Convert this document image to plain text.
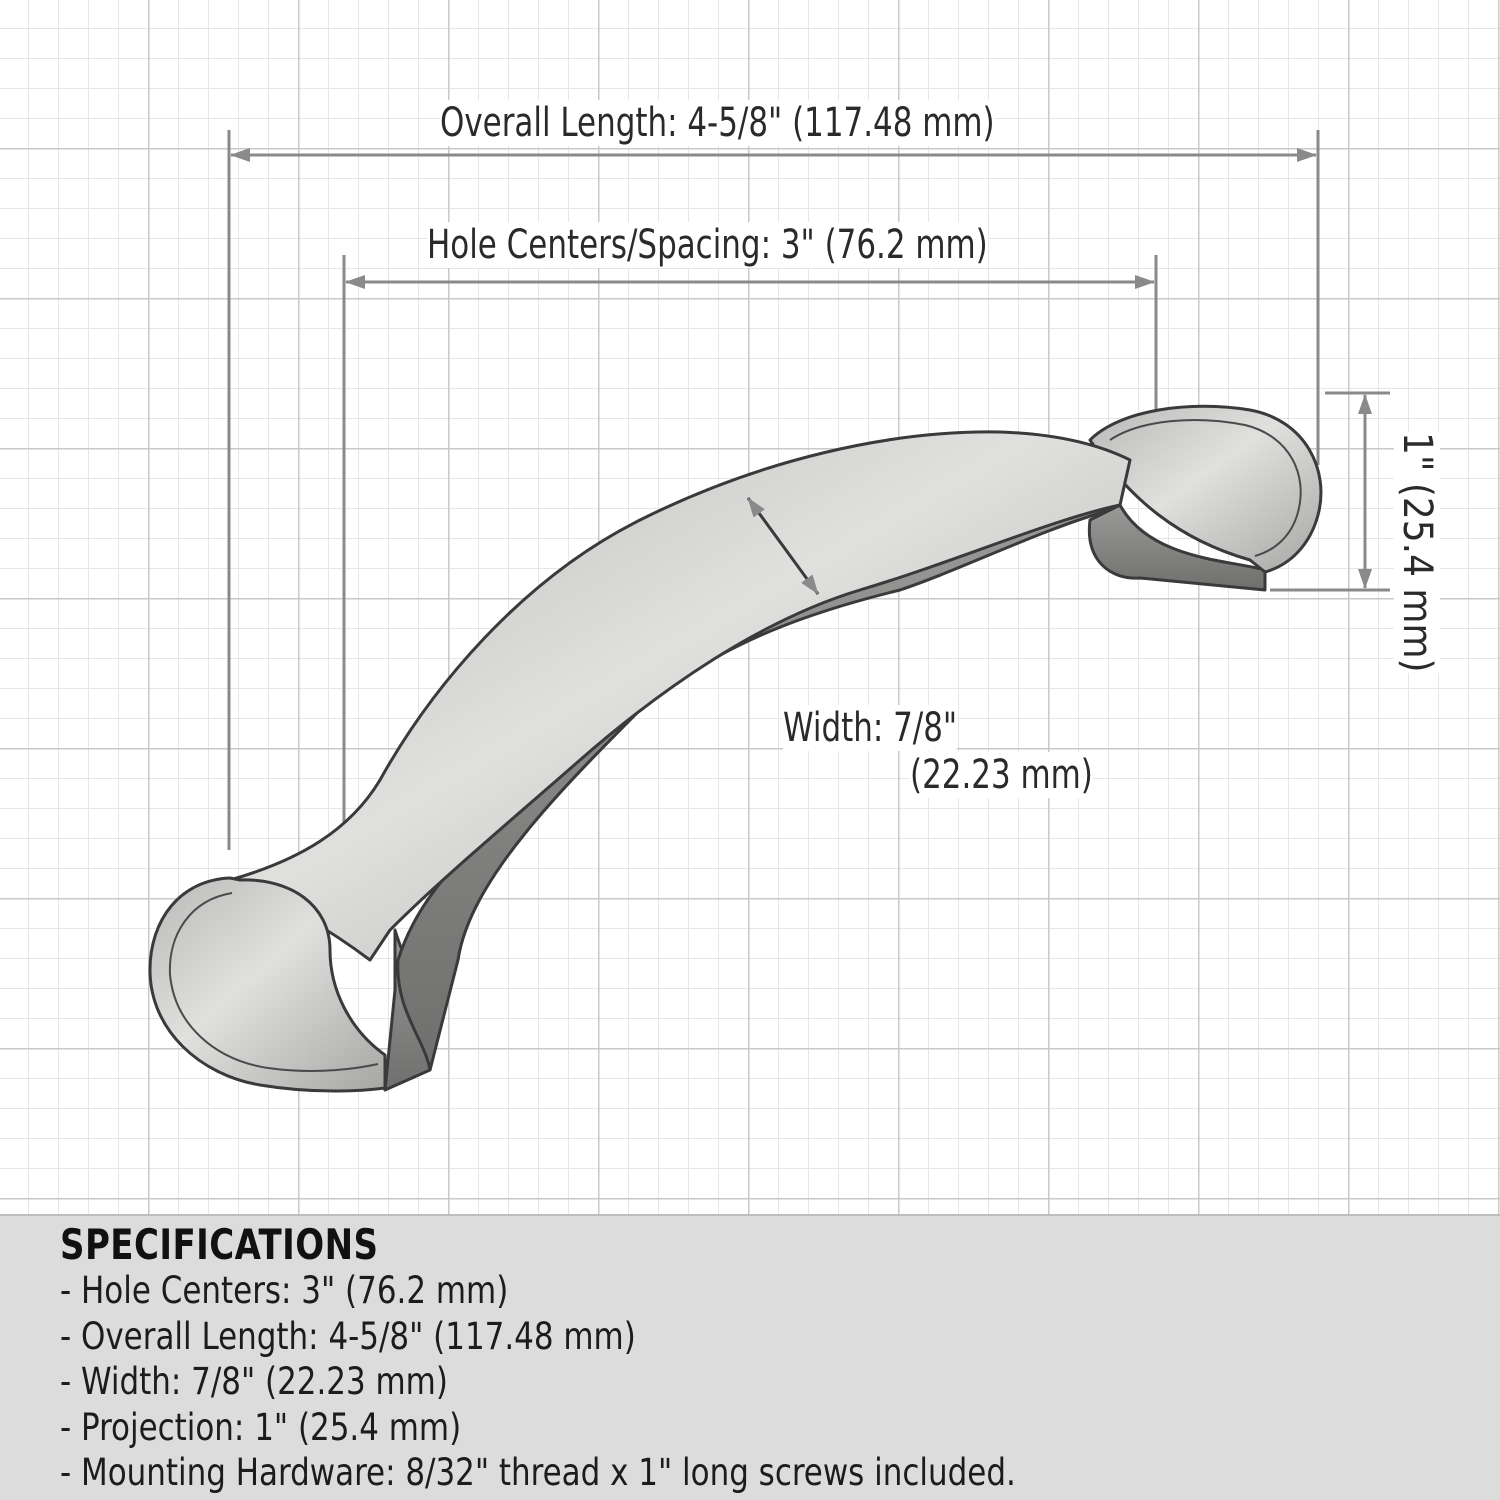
Overall Length: 4-5/8" (117.48 mm)
Hole Centers/Spacing: 3" (76.2 mm)
Width: 7/8"
(22.23 mm)
1" (25.4 mm)
SPECIFICATIONS
- Hole Centers: 3" (76.2 mm)
- Overall Length: 4-5/8" (117.48 mm)
- Width: 7/8" (22.23 mm)
- Projection: 1" (25.4 mm)
- Mounting Hardware: 8/32" thread x 1" long screws included.
